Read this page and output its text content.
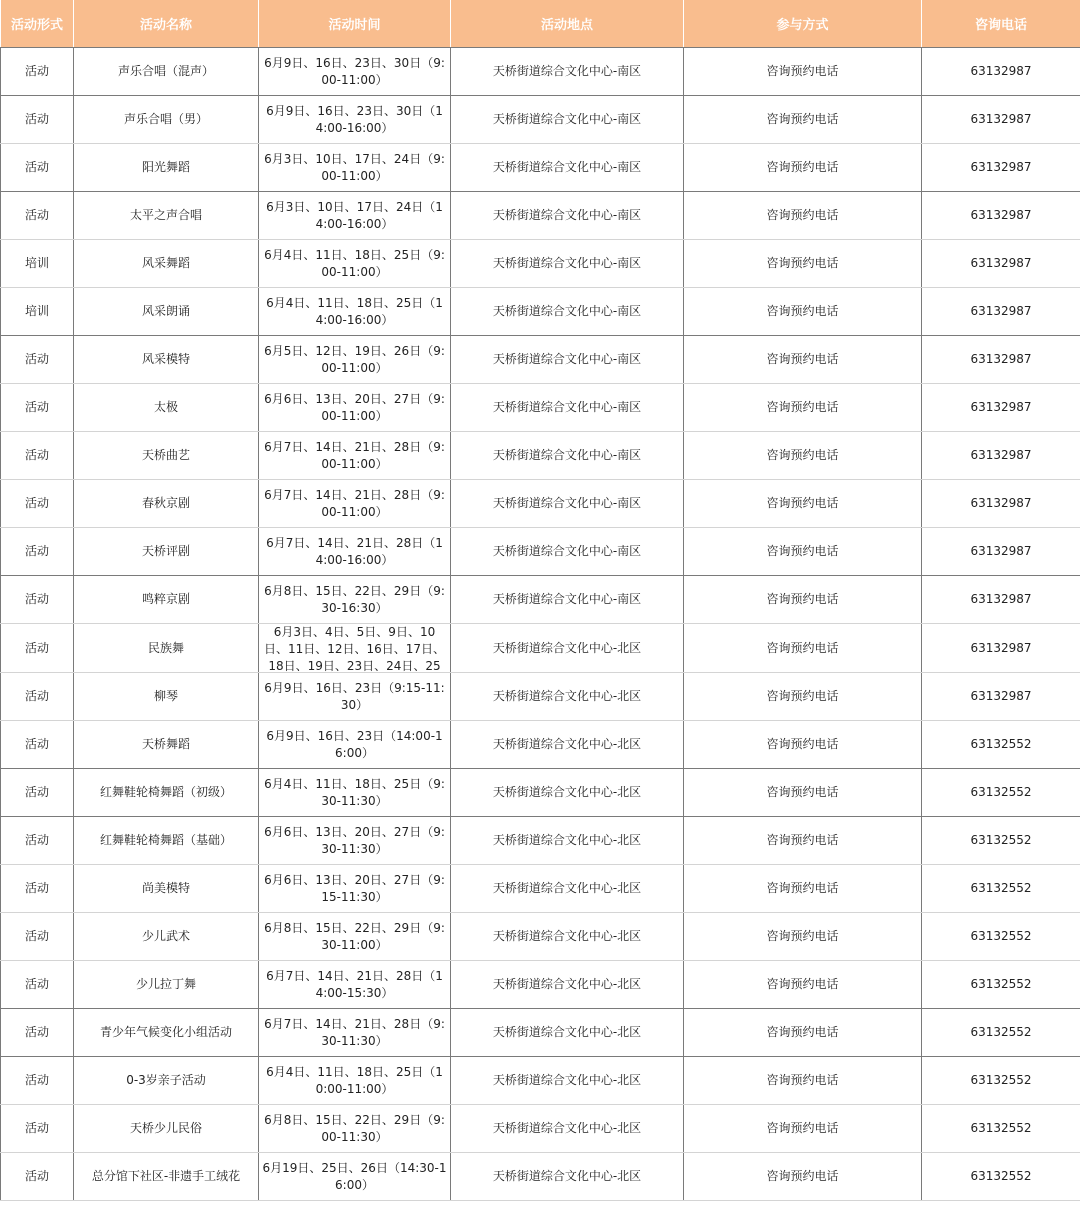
活动形式	活动名称	活动时间	活动地点	参与方式	咨询电话
活动	声乐合唱（混声）	6月9日、16日、23日、30日（9:00-11:00）	天桥街道综合文化中心-南区	咨询预约电话	63132987
活动	声乐合唱（男）	6月9日、16日、23日、30日（14:00-16:00）	天桥街道综合文化中心-南区	咨询预约电话	63132987
活动	阳光舞蹈	6月3日、10日、17日、24日（9:00-11:00）	天桥街道综合文化中心-南区	咨询预约电话	63132987
活动	太平之声合唱	6月3日、10日、17日、24日（14:00-16:00）	天桥街道综合文化中心-南区	咨询预约电话	63132987
培训	风采舞蹈	6月4日、11日、18日、25日（9:00-11:00）	天桥街道综合文化中心-南区	咨询预约电话	63132987
培训	风采朗诵	6月4日、11日、18日、25日（14:00-16:00）	天桥街道综合文化中心-南区	咨询预约电话	63132987
活动	风采模特	6月5日、12日、19日、26日（9:00-11:00）	天桥街道综合文化中心-南区	咨询预约电话	63132987
活动	太极	6月6日、13日、20日、27日（9:00-11:00）	天桥街道综合文化中心-南区	咨询预约电话	63132987
活动	天桥曲艺	6月7日、14日、21日、28日（9:00-11:00）	天桥街道综合文化中心-南区	咨询预约电话	63132987
活动	春秋京剧	6月7日、14日、21日、28日（9:00-11:00）	天桥街道综合文化中心-南区	咨询预约电话	63132987
活动	天桥评剧	6月7日、14日、21日、28日（14:00-16:00）	天桥街道综合文化中心-南区	咨询预约电话	63132987
活动	鸣粹京剧	6月8日、15日、22日、29日（9:30-16:30）	天桥街道综合文化中心-南区	咨询预约电话	63132987
活动	民族舞	6月3日、4日、5日、9日、10日、11日、12日、16日、17日、18日、19日、23日、24日、25	天桥街道综合文化中心-北区	咨询预约电话	63132987
活动	柳琴	6月9日、16日、23日（9:15-11:30）	天桥街道综合文化中心-北区	咨询预约电话	63132987
活动	天桥舞蹈	6月9日、16日、23日（14:00-16:00）	天桥街道综合文化中心-北区	咨询预约电话	63132552
活动	红舞鞋轮椅舞蹈（初级）	6月4日、11日、18日、25日（9:30-11:30）	天桥街道综合文化中心-北区	咨询预约电话	63132552
活动	红舞鞋轮椅舞蹈（基础）	6月6日、13日、20日、27日（9:30-11:30）	天桥街道综合文化中心-北区	咨询预约电话	63132552
活动	尚美模特	6月6日、13日、20日、27日（9:15-11:30）	天桥街道综合文化中心-北区	咨询预约电话	63132552
活动	少儿武术	6月8日、15日、22日、29日（9:30-11:00）	天桥街道综合文化中心-北区	咨询预约电话	63132552
活动	少儿拉丁舞	6月7日、14日、21日、28日（14:00-15:30）	天桥街道综合文化中心-北区	咨询预约电话	63132552
活动	青少年气候变化小组活动	6月7日、14日、21日、28日（9:30-11:30）	天桥街道综合文化中心-北区	咨询预约电话	63132552
活动	0-3岁亲子活动	6月4日、11日、18日、25日（10:00-11:00）	天桥街道综合文化中心-北区	咨询预约电话	63132552
活动	天桥少儿民俗	6月8日、15日、22日、29日（9:00-11:30）	天桥街道综合文化中心-北区	咨询预约电话	63132552
活动	总分馆下社区-非遗手工绒花	6月19日、25日、26日（14:30-16:00）	天桥街道综合文化中心-北区	咨询预约电话	63132552
